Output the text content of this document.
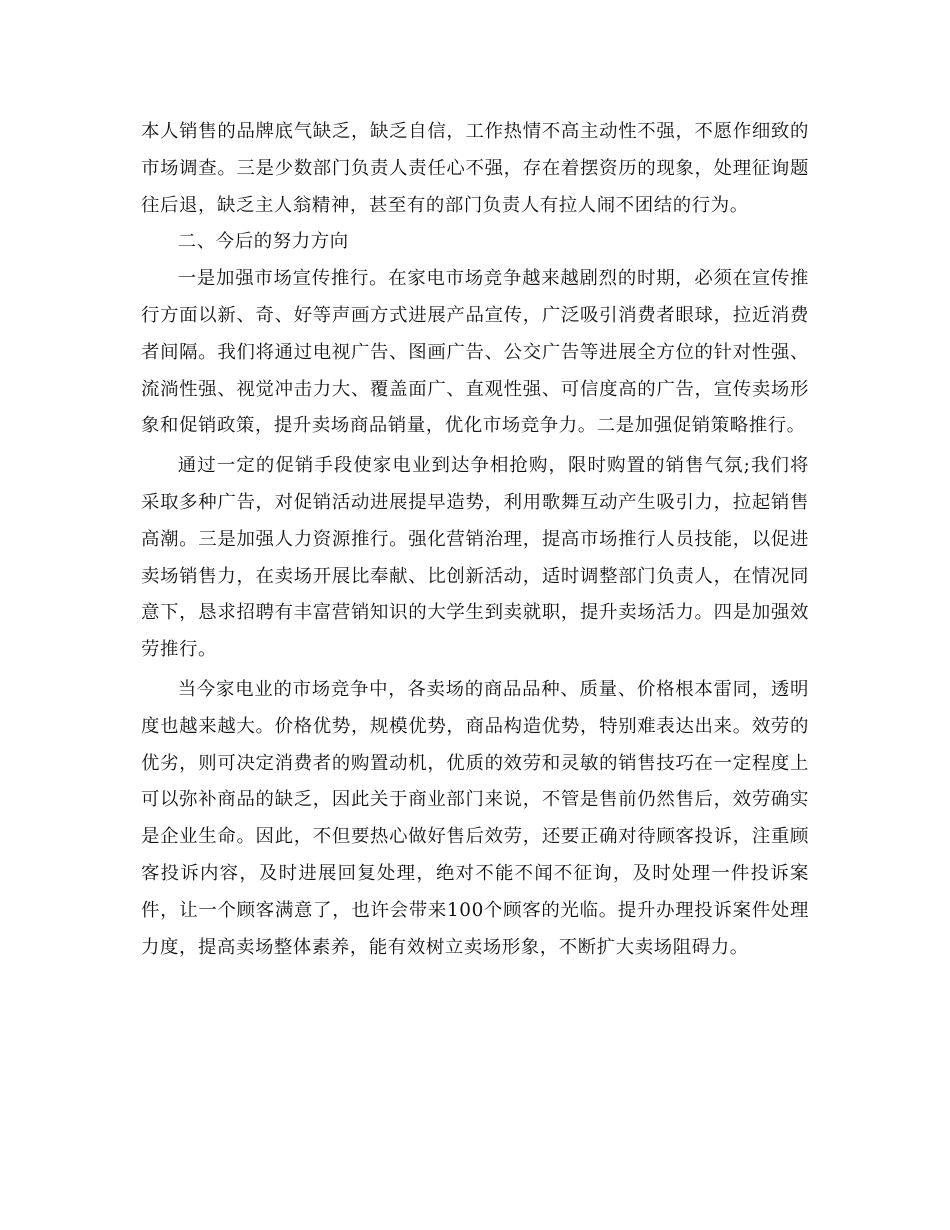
本人销售的品牌底气缺乏，缺乏自信，工作热情不高主动性不强，不愿作细致的市场调查。三是少数部门负责人责任心不强，存在着摆资历的现象，处理征询题往后退，缺乏主人翁精神，甚至有的部门负责人有拉人闹不团结的行为。

二、今后的努力方向

一是加强市场宣传推行。在家电市场竞争越来越剧烈的时期，必须在宣传推行方面以新、奇、好等声画方式进展产品宣传，广泛吸引消费者眼球，拉近消费者间隔。我们将通过电视广告、图画广告、公交广告等进展全方位的针对性强、流淌性强、视觉冲击力大、覆盖面广、直观性强、可信度高的广告，宣传卖场形象和促销政策，提升卖场商品销量，优化市场竞争力。二是加强促销策略推行。

通过一定的促销手段使家电业到达争相抢购，限时购置的销售气氛;我们将采取多种广告，对促销活动进展提早造势，利用歌舞互动产生吸引力，拉起销售高潮。三是加强人力资源推行。强化营销治理，提高市场推行人员技能，以促进卖场销售力，在卖场开展比奉献、比创新活动，适时调整部门负责人，在情况同意下，恳求招聘有丰富营销知识的大学生到卖就职，提升卖场活力。四是加强效劳推行。

当今家电业的市场竞争中，各卖场的商品品种、质量、价格根本雷同，透明度也越来越大。价格优势，规模优势，商品构造优势，特别难表达出来。效劳的优劣，则可决定消费者的购置动机，优质的效劳和灵敏的销售技巧在一定程度上可以弥补商品的缺乏，因此关于商业部门来说，不管是售前仍然售后，效劳确实是企业生命。因此，不但要热心做好售后效劳，还要正确对待顾客投诉，注重顾客投诉内容，及时进展回复处理，绝对不能不闻不征询，及时处理一件投诉案件，让一个顾客满意了，也许会带来100个顾客的光临。提升办理投诉案件处理力度，提高卖场整体素养，能有效树立卖场形象，不断扩大卖场阻碍力。
